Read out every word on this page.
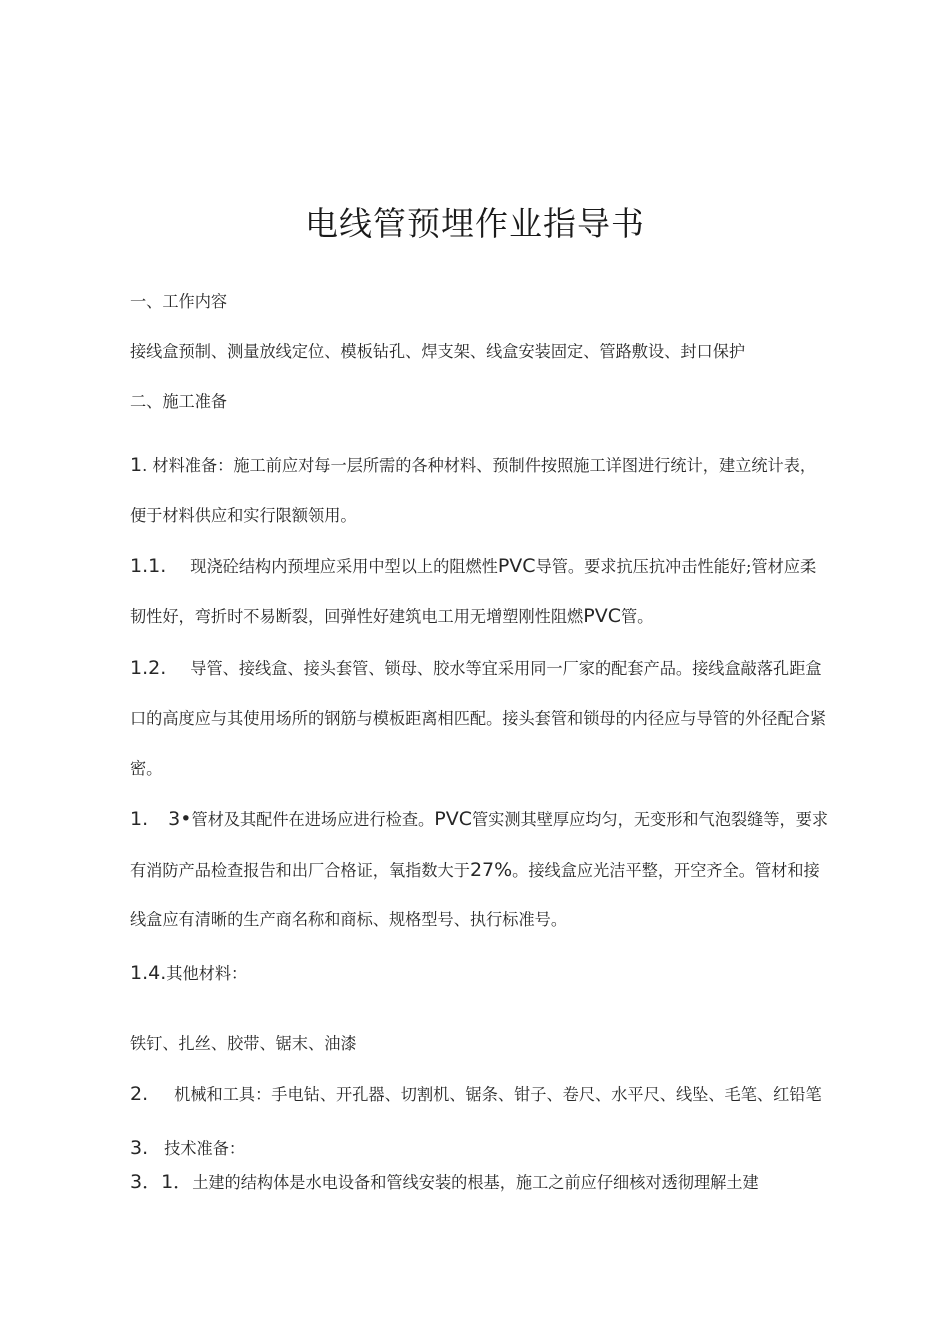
电线管预埋作业指导书
一、工作内容
接线盒预制、测量放线定位、模板钻孔、焊支架、线盒安装固定、管路敷设、封口保护
二、施工准备
1. 材料准备：施工前应对每一层所需的各种材料、预制件按照施工详图进行统计，建立统计表，
便于材料供应和实行限额领用。
1.1. 现浇砼结构内预埋应采用中型以上的阻燃性PVC导管。要求抗压抗冲击性能好;管材应柔
韧性好，弯折时不易断裂，回弹性好建筑电工用无增塑刚性阻燃PVC管。
1.2. 导管、接线盒、接头套管、锁母、胶水等宜采用同一厂家的配套产品。接线盒敲落孔距盒
口的高度应与其使用场所的钢筋与模板距离相匹配。接头套管和锁母的内径应与导管的外径配合紧
密。
1. 3•管材及其配件在进场应进行检查。PVC管实测其壁厚应均匀，无变形和气泡裂缝等，要求
有消防产品检查报告和出厂合格证，氧指数大于27%。接线盒应光洁平整，开空齐全。管材和接
线盒应有清晰的生产商名称和商标、规格型号、执行标准号。
1.4.其他材料：
铁钉、扎丝、胶带、锯末、油漆
2. 机械和工具：手电钻、开孔器、切割机、锯条、钳子、卷尺、水平尺、线坠、毛笔、红铅笔
3. 技术准备：
3．1．土建的结构体是水电设备和管线安装的根基，施工之前应仔细核对透彻理解土建
